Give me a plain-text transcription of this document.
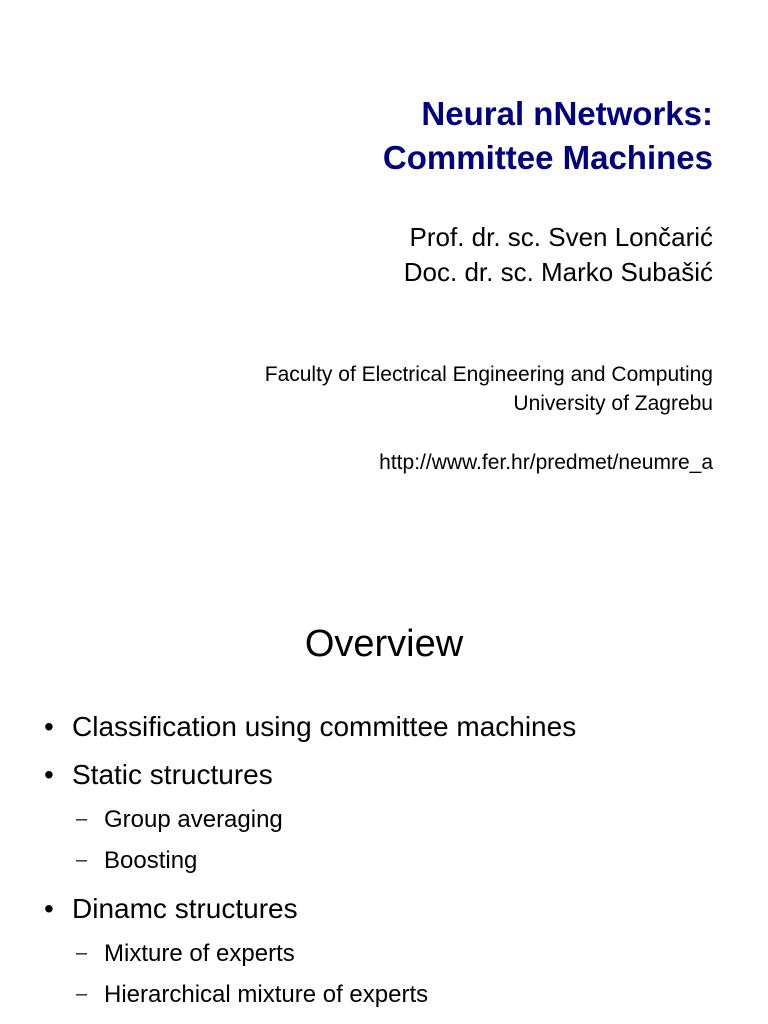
Neural nNetworks:
Committee Machines
Prof. dr. sc. Sven Lončarić
Doc. dr. sc. Marko Subašić
Faculty of Electrical Engineering and Computing
University of Zagrebu
http://www.fer.hr/predmet/neumre_a
Overview
• Classification using committee machines
• Static structures
– Group averaging
– Boosting
• Dinamc structures
– Mixture of experts
– Hierarchical mixture of experts
